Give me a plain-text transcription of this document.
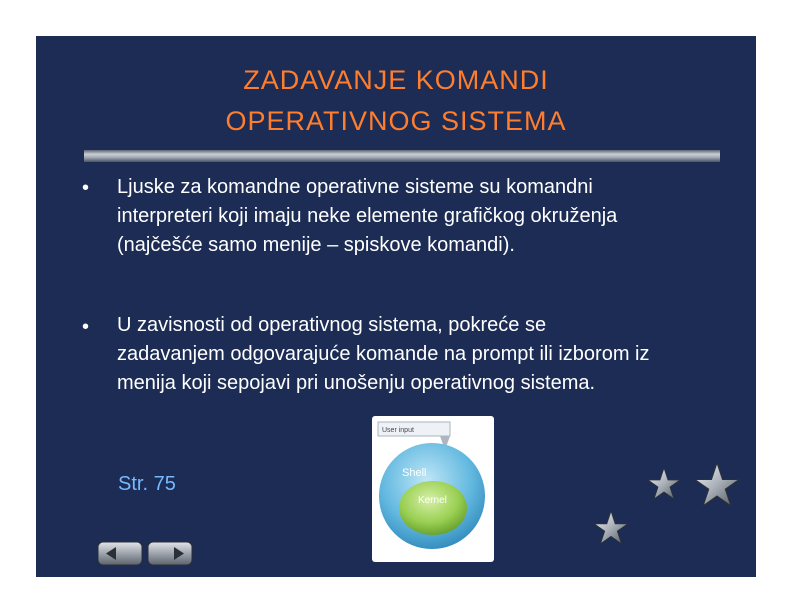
ZADAVANJE KOMANDI
OPERATIVNOG SISTEMA
• Ljuske za komandne operativne sisteme su komandni interpreteri koji imaju neke elemente grafičkog okruženja (najčešće samo menije – spiskove komandi).
• U zavisnosti od operativnog sistema, pokreće se zadavanjem odgovarajuće komande na prompt ili izborom iz menija koji sepojavi pri unošenju operativnog sistema.
Str. 75
User input
Shell
Kernel
